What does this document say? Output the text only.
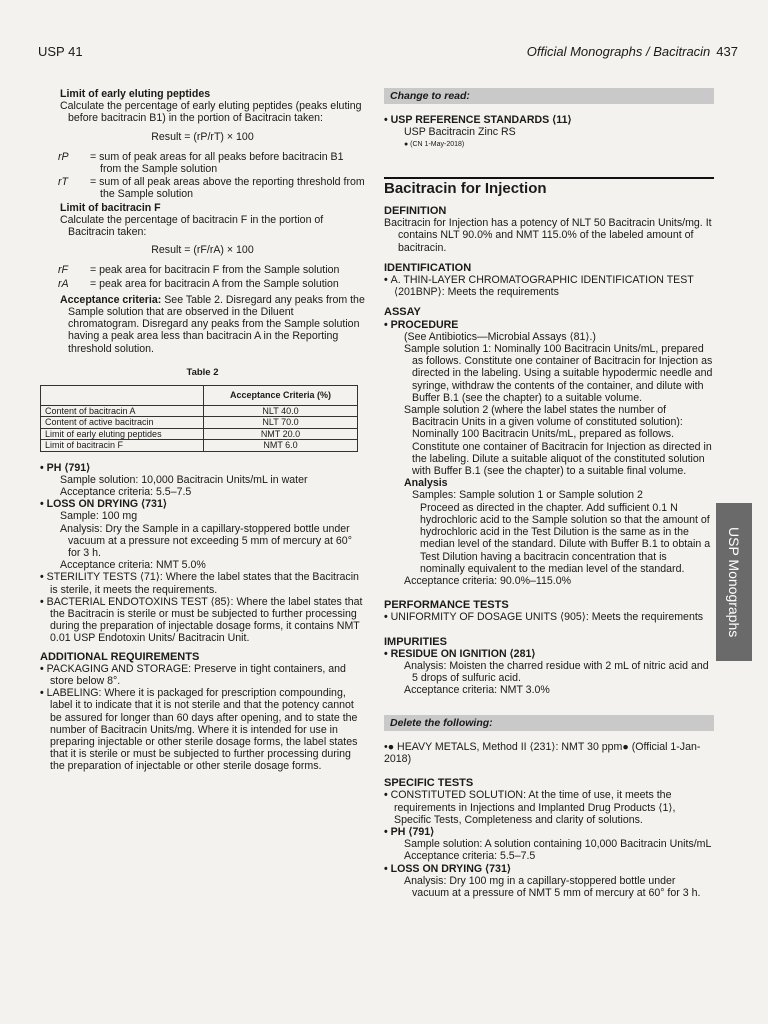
USP 41	Official Monographs / Bacitracin 437
Limit of early eluting peptides
Calculate the percentage of early eluting peptides (peaks eluting before bacitracin B1) in the portion of Bacitracin taken:
Result = (rP/rT) × 100
rP	= sum of peak areas for all peaks before bacitracin B1 from the Sample solution
rT	= sum of all peak areas above the reporting threshold from the Sample solution
Limit of bacitracin F
Calculate the percentage of bacitracin F in the portion of Bacitracin taken:
Result = (rF/rA) × 100
rF	= peak area for bacitracin F from the Sample solution
rA	= peak area for bacitracin A from the Sample solution
Acceptance criteria: See Table 2. Disregard any peaks from the Sample solution that are observed in the Diluent chromatogram. Disregard any peaks from the Sample solution having a peak area less than bacitracin A in the Reporting threshold solution.
Table 2
	Acceptance Criteria (%)
Content of bacitracin A	NLT 40.0
Content of active bacitracin	NLT 70.0
Limit of early eluting peptides	NMT 20.0
Limit of bacitracin F	NMT 6.0
• PH ⟨791⟩
Sample solution: 10,000 Bacitracin Units/mL in water
Acceptance criteria: 5.5–7.5
• LOSS ON DRYING ⟨731⟩
Sample: 100 mg
Analysis: Dry the Sample in a capillary-stoppered bottle under vacuum at a pressure not exceeding 5 mm of mercury at 60° for 3 h.
Acceptance criteria: NMT 5.0%
• STERILITY TESTS ⟨71⟩: Where the label states that the Bacitracin is sterile, it meets the requirements.
• BACTERIAL ENDOTOXINS TEST ⟨85⟩: Where the label states that the Bacitracin is sterile or must be subjected to further processing during the preparation of injectable dosage forms, it contains NMT 0.01 USP Endotoxin Units/ Bacitracin Unit.
ADDITIONAL REQUIREMENTS
• PACKAGING AND STORAGE: Preserve in tight containers, and store below 8°.
• LABELING: Where it is packaged for prescription compounding, label it to indicate that it is not sterile and that the potency cannot be assured for longer than 60 days after opening, and to state the number of Bacitracin Units/mg. Where it is intended for use in preparing injectable or other sterile dosage forms, the label states that it is sterile or must be subjected to further processing during the preparation of injectable or other sterile dosage forms.
Change to read:
• USP REFERENCE STANDARDS ⟨11⟩
USP Bacitracin Zinc RS
● (CN 1-May-2018)
Bacitracin for Injection
DEFINITION
Bacitracin for Injection has a potency of NLT 50 Bacitracin Units/mg. It contains NLT 90.0% and NMT 115.0% of the labeled amount of bacitracin.
IDENTIFICATION
• A. THIN-LAYER CHROMATOGRAPHIC IDENTIFICATION TEST ⟨201BNP⟩: Meets the requirements
ASSAY
• PROCEDURE
(See Antibiotics—Microbial Assays ⟨81⟩.)
Sample solution 1: Nominally 100 Bacitracin Units/mL, prepared as follows. Constitute one container of Bacitracin for Injection as directed in the labeling. Using a suitable hypodermic needle and syringe, withdraw the contents of the container, and dilute with Buffer B.1 (see the chapter) to a suitable volume.
Sample solution 2 (where the label states the number of Bacitracin Units in a given volume of constituted solution): Nominally 100 Bacitracin Units/mL, prepared as follows. Constitute one container of Bacitracin for Injection as directed in the labeling. Dilute a suitable aliquot of the constituted solution with Buffer B.1 (see the chapter) to a suitable final volume.
Analysis
Samples: Sample solution 1 or Sample solution 2
Proceed as directed in the chapter. Add sufficient 0.1 N hydrochloric acid to the Sample solution so that the amount of hydrochloric acid in the Test Dilution is the same as in the median level of the standard. Dilute with Buffer B.1 to obtain a Test Dilution having a bacitracin concentration that is nominally equivalent to the median level of the standard.
Acceptance criteria: 90.0%–115.0%
PERFORMANCE TESTS
• UNIFORMITY OF DOSAGE UNITS ⟨905⟩: Meets the requirements
IMPURITIES
• RESIDUE ON IGNITION ⟨281⟩
Analysis: Moisten the charred residue with 2 mL of nitric acid and 5 drops of sulfuric acid.
Acceptance criteria: NMT 3.0%
Delete the following:
•● HEAVY METALS, Method II ⟨231⟩: NMT 30 ppm● (Official 1-Jan-2018)
SPECIFIC TESTS
• CONSTITUTED SOLUTION: At the time of use, it meets the requirements in Injections and Implanted Drug Products ⟨1⟩, Specific Tests, Completeness and clarity of solutions.
• PH ⟨791⟩
Sample solution: A solution containing 10,000 Bacitracin Units/mL
Acceptance criteria: 5.5–7.5
• LOSS ON DRYING ⟨731⟩
Analysis: Dry 100 mg in a capillary-stoppered bottle under vacuum at a pressure of NMT 5 mm of mercury at 60° for 3 h.
USP Monographs
